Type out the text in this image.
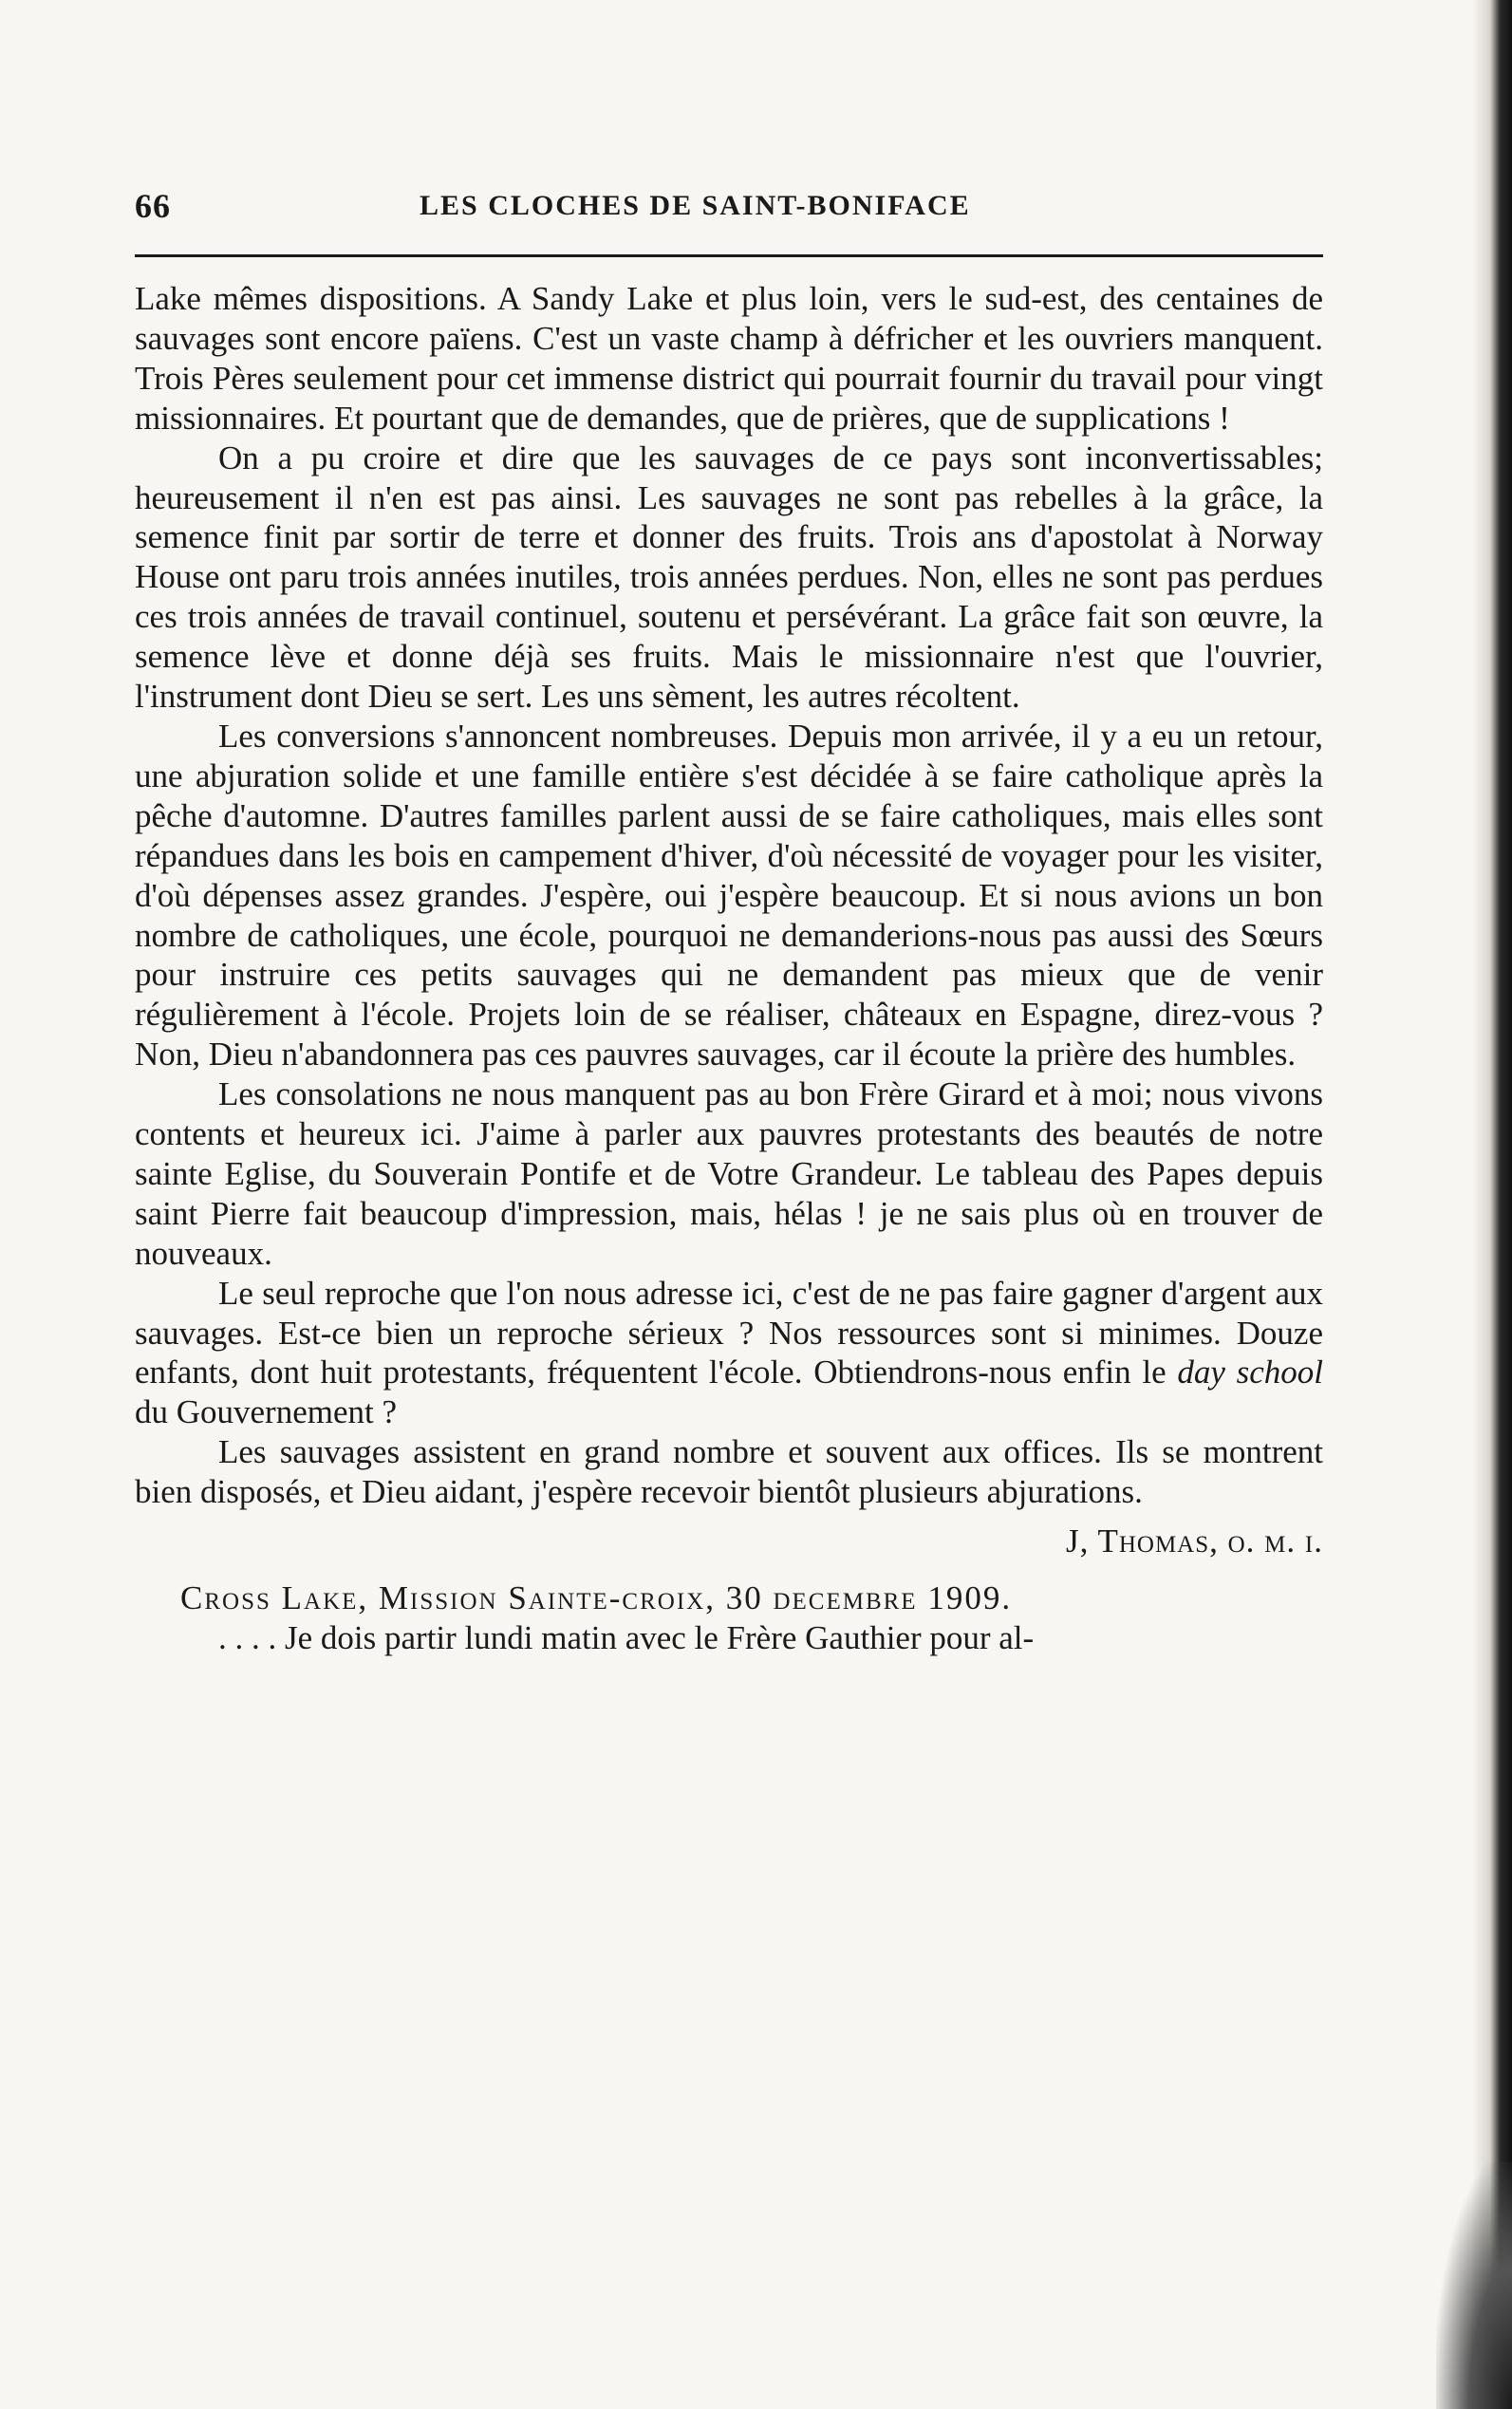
66	LES CLOCHES DE SAINT-BONIFACE

Lake mêmes dispositions. A Sandy Lake et plus loin, vers le sud-est, des centaines de sauvages sont encore païens. C'est un vaste champ à défricher et les ouvriers manquent. Trois Pères seulement pour cet immense district qui pourrait fournir du travail pour vingt missionnaires. Et pourtant que de demandes, que de prières, que de supplications !

On a pu croire et dire que les sauvages de ce pays sont inconvertissables; heureusement il n'en est pas ainsi. Les sauvages ne sont pas rebelles à la grâce, la semence finit par sortir de terre et donner des fruits. Trois ans d'apostolat à Norway House ont paru trois années inutiles, trois années perdues. Non, elles ne sont pas perdues ces trois années de travail continuel, soutenu et persévérant. La grâce fait son œuvre, la semence lève et donne déjà ses fruits. Mais le missionnaire n'est que l'ouvrier, l'instrument dont Dieu se sert. Les uns sèment, les autres récoltent.

Les conversions s'annoncent nombreuses. Depuis mon arrivée, il y a eu un retour, une abjuration solide et une famille entière s'est décidée à se faire catholique après la pêche d'automne. D'autres familles parlent aussi de se faire catholiques, mais elles sont répandues dans les bois en campement d'hiver, d'où nécessité de voyager pour les visiter, d'où dépenses assez grandes. J'espère, oui j'espère beaucoup. Et si nous avions un bon nombre de catholiques, une école, pourquoi ne demanderions-nous pas aussi des Sœurs pour instruire ces petits sauvages qui ne demandent pas mieux que de venir régulièrement à l'école. Projets loin de se réaliser, châteaux en Espagne, direz-vous ? Non, Dieu n'abandonnera pas ces pauvres sauvages, car il écoute la prière des humbles.

Les consolations ne nous manquent pas au bon Frère Girard et à moi; nous vivons contents et heureux ici. J'aime à parler aux pauvres protestants des beautés de notre sainte Eglise, du Souverain Pontife et de Votre Grandeur. Le tableau des Papes depuis saint Pierre fait beaucoup d'impression, mais, hélas ! je ne sais plus où en trouver de nouveaux.

Le seul reproche que l'on nous adresse ici, c'est de ne pas faire gagner d'argent aux sauvages. Est-ce bien un reproche sérieux ? Nos ressources sont si minimes. Douze enfants, dont huit protestants, fréquentent l'école. Obtiendrons-nous enfin le day school du Gouvernement ?

Les sauvages assistent en grand nombre et souvent aux offices. Ils se montrent bien disposés, et Dieu aidant, j'espère recevoir bientôt plusieurs abjurations.

J, Thomas, o. m. i.
Cross Lake, Mission Sainte-croix, 30 decembre 1909.

. . . . Je dois partir lundi matin avec le Frère Gauthier pour al-
